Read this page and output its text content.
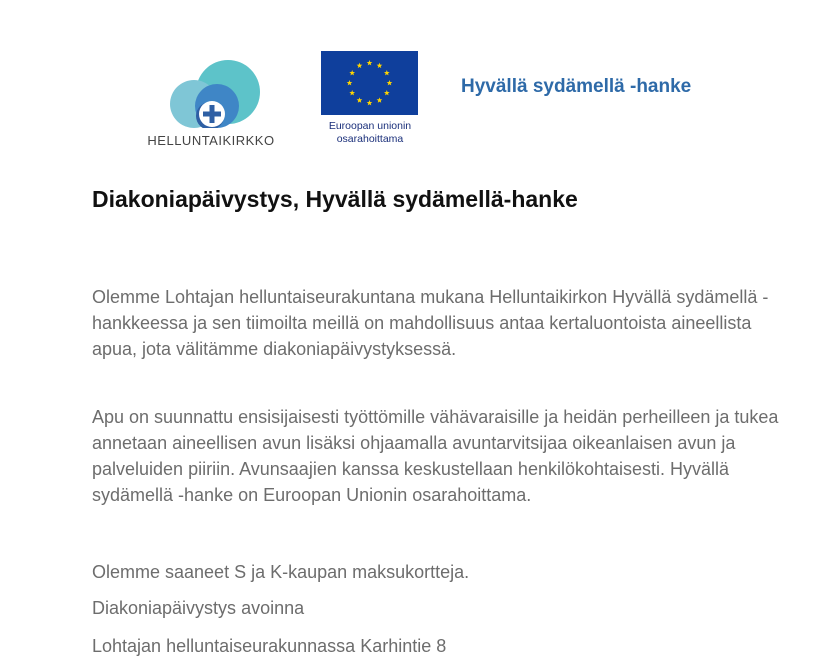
HELLUNTAIKIRKKO
Euroopan unionin
osarahoittama
Hyvällä sydämellä -hanke
Diakoniapäivystys, Hyvällä sydämellä-hanke

Olemme Lohtajan helluntaiseurakuntana mukana Helluntaikirkon Hyvällä sydämellä -hankkeessa ja sen tiimoilta meillä on mahdollisuus antaa kertaluontoista aineellista apua, jota välitämme diakoniapäivystyksessä.

Apu on suunnattu ensisijaisesti työttömille vähävaraisille ja heidän perheilleen ja tukea annetaan aineellisen avun lisäksi ohjaamalla avuntarvitsijaa oikeanlaisen avun ja palveluiden piiriin. Avunsaajien kanssa keskustellaan henkilökohtaisesti. Hyvällä sydämellä -hanke on Euroopan Unionin osarahoittama.

Olemme saaneet S ja K-kaupan maksukortteja.

Diakoniapäivystys avoinna

Lohtajan helluntaiseurakunnassa Karhintie 8
